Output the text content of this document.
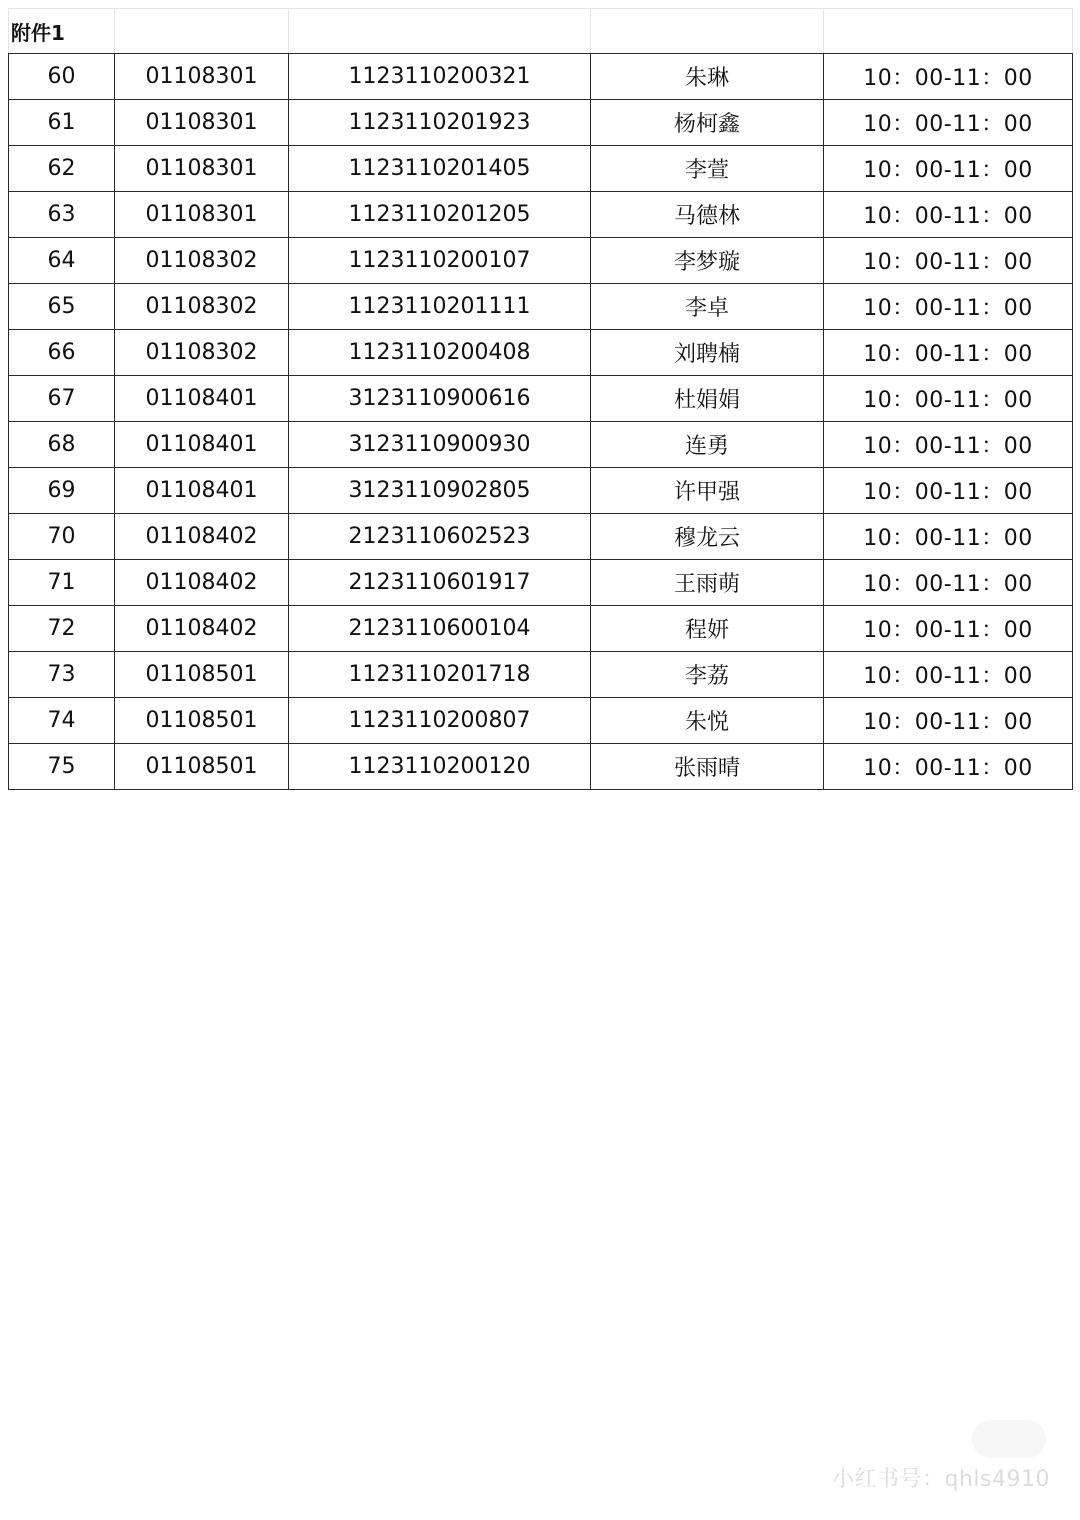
附件1				
60	01108301	1123110200321	朱琳	10：00-11：00
61	01108301	1123110201923	杨柯鑫	10：00-11：00
62	01108301	1123110201405	李萱	10：00-11：00
63	01108301	1123110201205	马德林	10：00-11：00
64	01108302	1123110200107	李梦璇	10：00-11：00
65	01108302	1123110201111	李卓	10：00-11：00
66	01108302	1123110200408	刘聘楠	10：00-11：00
67	01108401	3123110900616	杜娟娟	10：00-11：00
68	01108401	3123110900930	连勇	10：00-11：00
69	01108401	3123110902805	许甲强	10：00-11：00
70	01108402	2123110602523	穆龙云	10：00-11：00
71	01108402	2123110601917	王雨萌	10：00-11：00
72	01108402	2123110600104	程妍	10：00-11：00
73	01108501	1123110201718	李荔	10：00-11：00
74	01108501	1123110200807	朱悦	10：00-11：00
75	01108501	1123110200120	张雨晴	10：00-11：00
小红书号：qhls4910
